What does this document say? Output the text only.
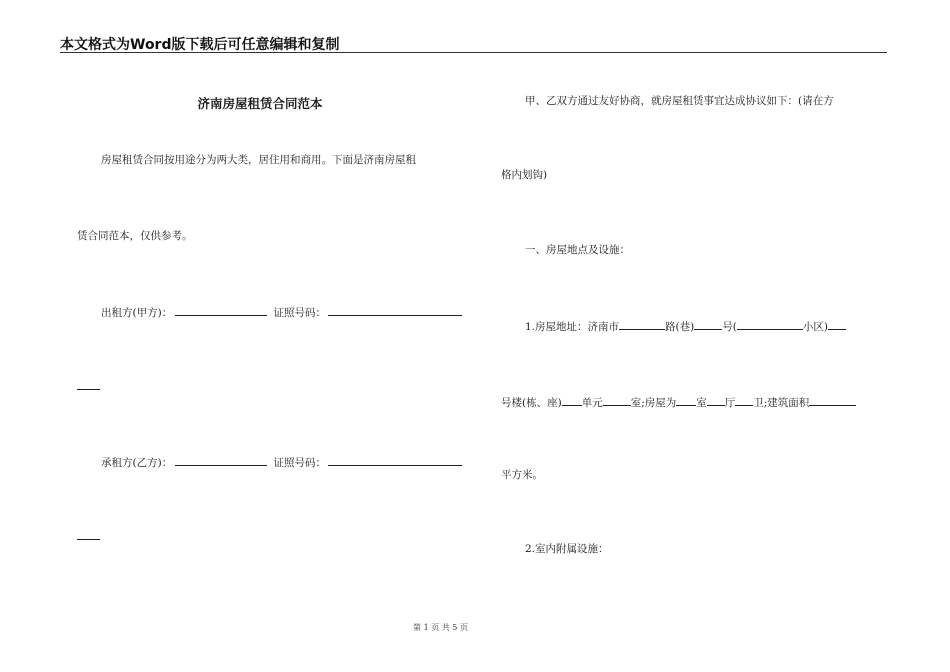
本文格式为Word版下载后可任意编辑和复制
济南房屋租赁合同范本
房屋租赁合同按用途分为两大类，居住用和商用。下面是济南房屋租
赁合同范本，仅供参考。
出租方(甲方)：	证照号码：
承租方(乙方)：	证照号码：
甲、乙双方通过友好协商，就房屋租赁事宜达成协议如下：(请在方
格内划钩)
一、房屋地点及设施：
1.房屋地址：济南市	路(巷)	号(	小区)
号楼(栋、座) 单元	室;房屋为 室 厅 卫;建筑面积
平方米。
2.室内附属设施：
第 1 页 共 5 页
